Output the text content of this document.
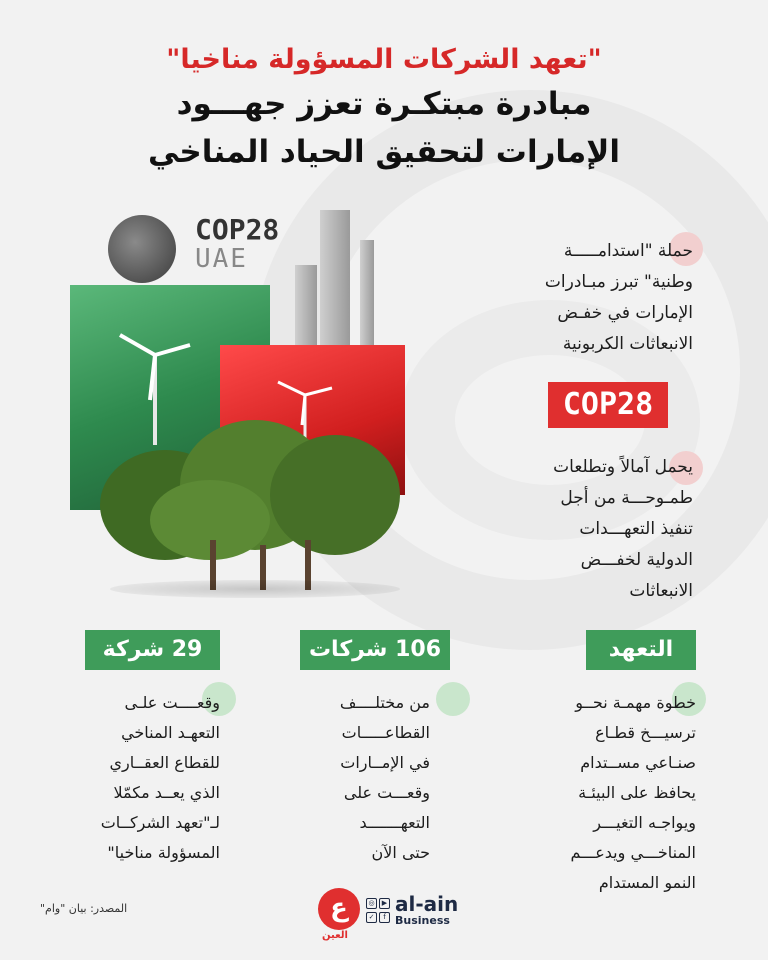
"تعهد الشركات المسؤولة مناخيا"
مبادرة مبتكـرة تعزز جهـــود
الإمارات لتحقيق الحياد المناخي
COP28
UAE	حملة "استدامـــــة

وطنية" تبرز مبـادرات

الإمارات في خفـض

الانبعاثات الكربونية

COP28

يحمل آمالاً وتطلعات

طمـوحـــة من أجل

تنفيذ التعهـــدات

الدولية لخفـــض

الانبعاثات

التعهد

خطوة مهمـة نحــو

ترسيـــخ قطـاع

صنـاعي مســتدام

يحافظ على البيئـة

ويواجـه التغيـــر

المناخـــي ويدعـــم

النمو المستدام

106 شركات

من مختلــــف

القطاعـــــات

في الإمــارات

وقعـــت على

التعهـــــــد

حتى الآن

29 شركة

وقعــــت علـى

التعهـد المناخي

للقطاع العقــاري

الذي يعــد مكمّلا

لـ"تعهد الشركــات

المسؤولة مناخيا"

المصدر: بيان "وام"	ع
العين
◎	▶
✓	f
al-ain
Business
